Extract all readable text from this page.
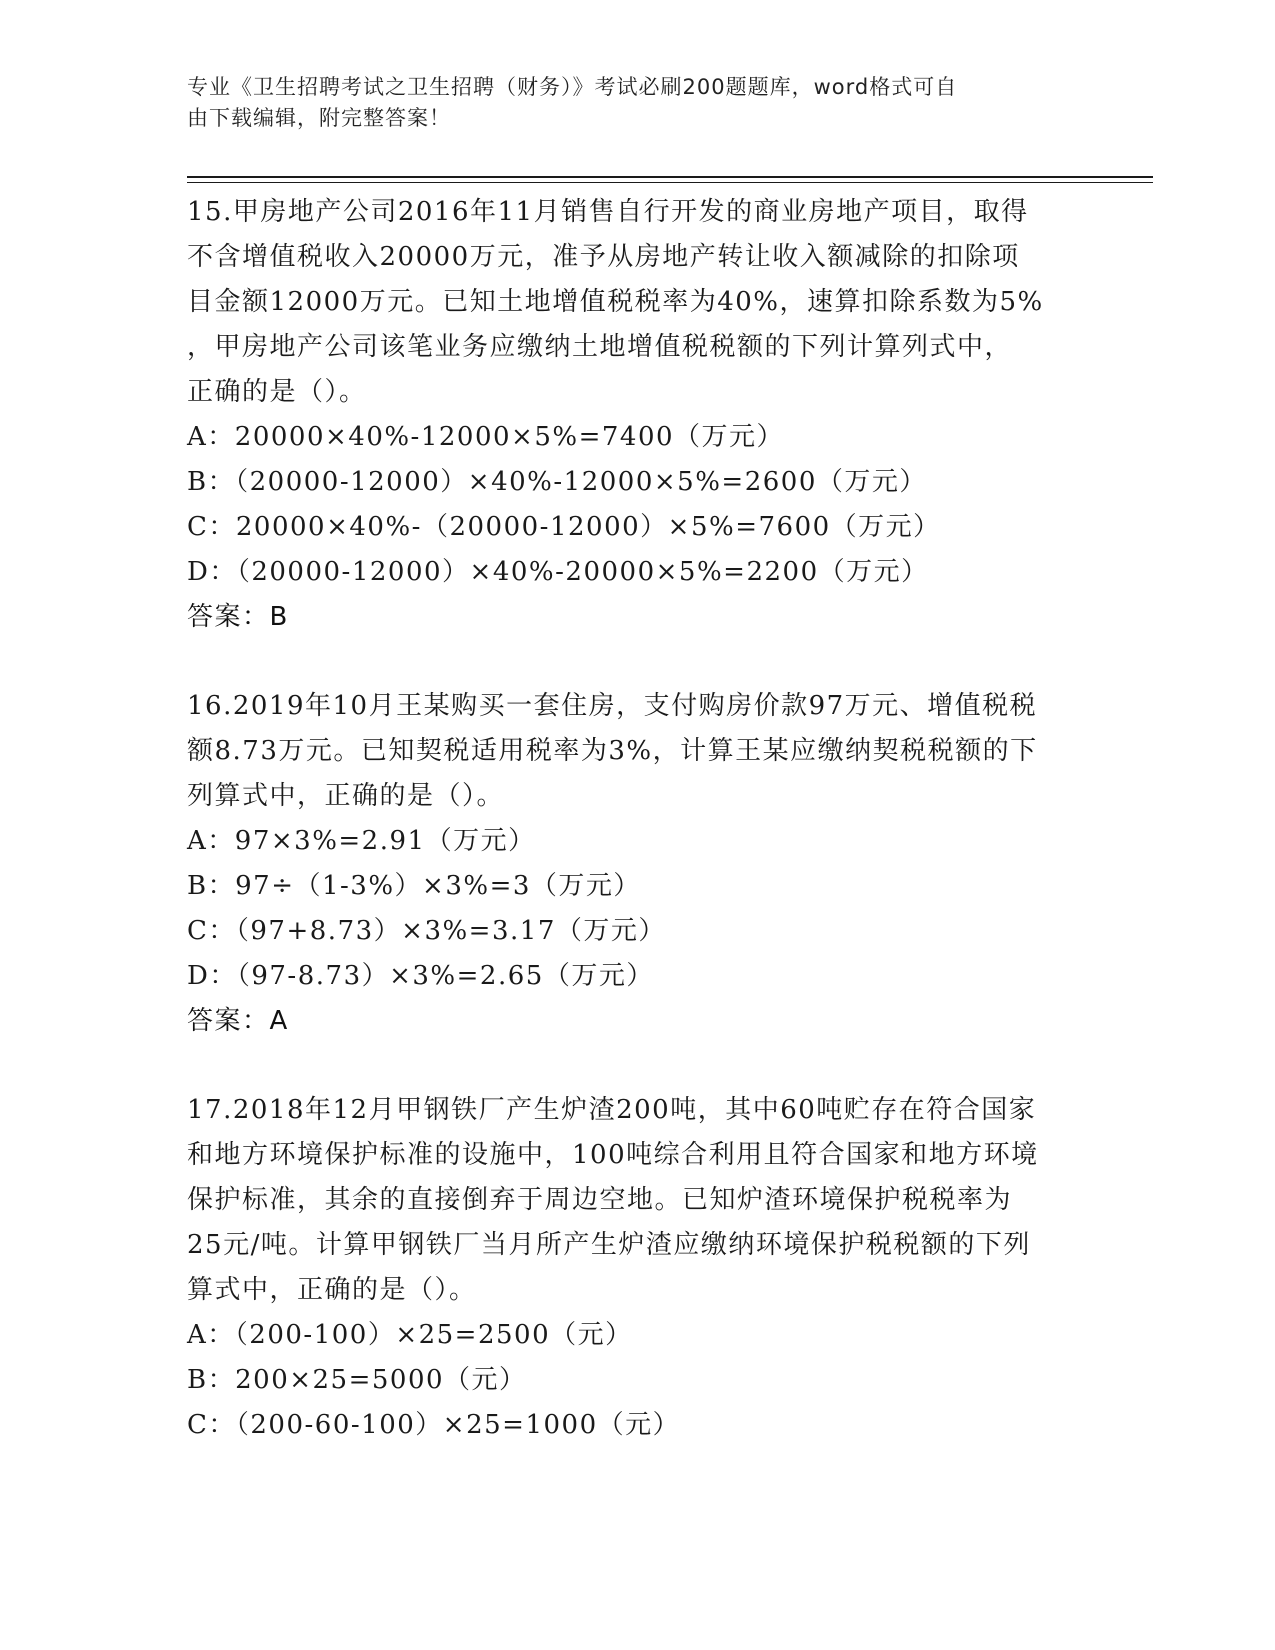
专业《卫生招聘考试之卫生招聘（财务）》考试必刷200题题库，word格式可自
由下载编辑，附完整答案！

15.甲房地产公司2016年11月销售自行开发的商业房地产项目，取得

不含增值税收入20000万元，准予从房地产转让收入额减除的扣除项

目金额12000万元。已知土地增值税税率为40%，速算扣除系数为5%

，甲房地产公司该笔业务应缴纳土地增值税税额的下列计算列式中，

正确的是（）。

A：20000×40%-12000×5%=7400（万元）

B：（20000-12000）×40%-12000×5%=2600（万元）

C：20000×40%-（20000-12000）×5%=7600（万元）

D：（20000-12000）×40%-20000×5%=2200（万元）

答案：B

16.2019年10月王某购买一套住房，支付购房价款97万元、增值税税

额8.73万元。已知契税适用税率为3%，计算王某应缴纳契税税额的下

列算式中，正确的是（）。

A：97×3%=2.91（万元）

B：97÷（1-3%）×3%=3（万元）

C：（97+8.73）×3%=3.17（万元）

D：（97-8.73）×3%=2.65（万元）

答案：A

17.2018年12月甲钢铁厂产生炉渣200吨，其中60吨贮存在符合国家

和地方环境保护标准的设施中，100吨综合利用且符合国家和地方环境

保护标准，其余的直接倒弃于周边空地。已知炉渣环境保护税税率为

25元/吨。计算甲钢铁厂当月所产生炉渣应缴纳环境保护税税额的下列

算式中，正确的是（）。

A：（200-100）×25=2500（元）

B：200×25=5000（元）

C：（200-60-100）×25=1000（元）
